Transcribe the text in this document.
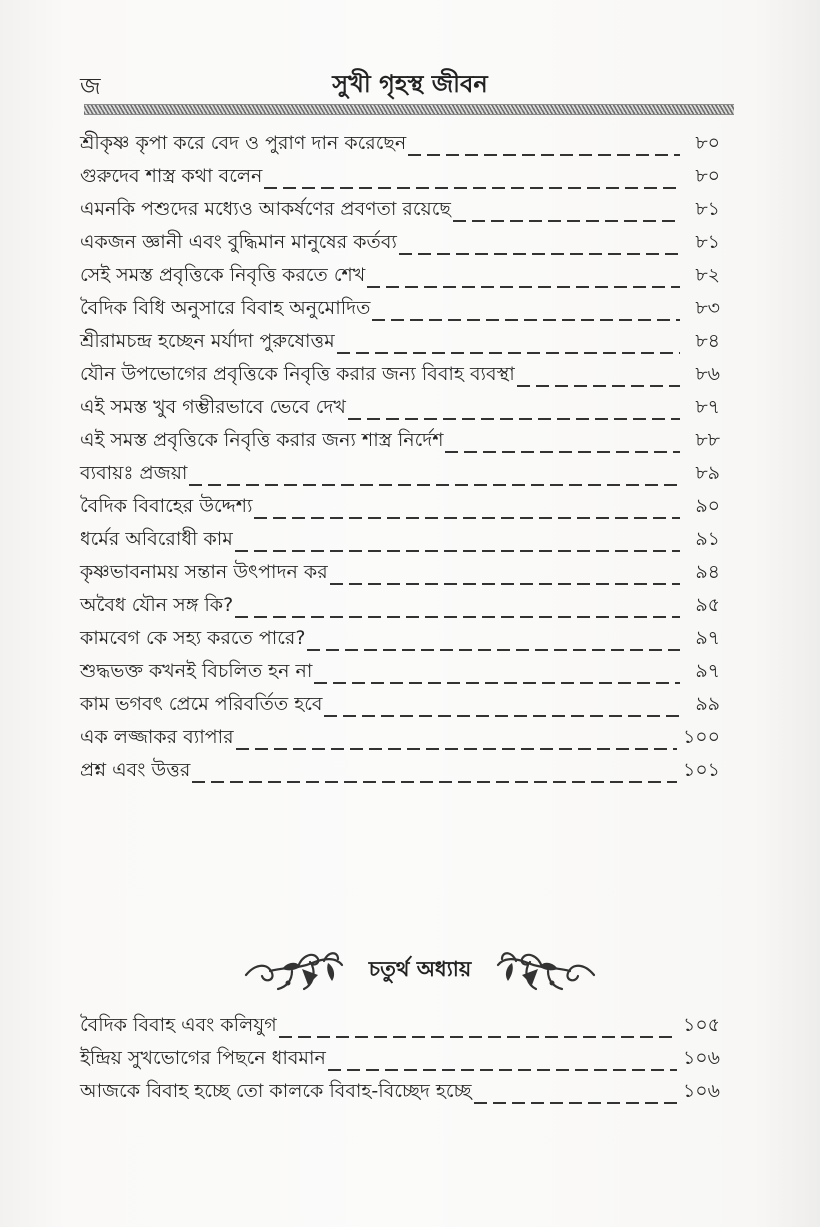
জ	সুখী গৃহস্থ জীবন
শ্রীকৃষ্ণ কৃপা করে বেদ ও পুরাণ দান করেছেন	৮০
গুরুদেব শাস্ত্র কথা বলেন	৮০
এমনকি পশুদের মধ্যেও আকর্ষণের প্রবণতা রয়েছে	৮১
একজন জ্ঞানী এবং বুদ্ধিমান মানুষের কর্তব্য	৮১
সেই সমস্ত প্রবৃত্তিকে নিবৃত্তি করতে শেখ	৮২
বৈদিক বিধি অনুসারে বিবাহ অনুমোদিত	৮৩
শ্রীরামচন্দ্র হচ্ছেন মর্যাদা পুরুষোত্তম	৮৪
যৌন উপভোগের প্রবৃত্তিকে নিবৃত্তি করার জন্য বিবাহ ব্যবস্থা	৮৬
এই সমস্ত খুব গম্ভীরভাবে ভেবে দেখ	৮৭
এই সমস্ত প্রবৃত্তিকে নিবৃত্তি করার জন্য শাস্ত্র নির্দেশ	৮৮
ব্যবায়ঃ প্রজয়া	৮৯
বৈদিক বিবাহের উদ্দেশ্য	৯০
ধর্মের অবিরোধী কাম	৯১
কৃষ্ণভাবনাময় সন্তান উৎপাদন কর	৯৪
অবৈধ যৌন সঙ্গ কি?	৯৫
কামবেগ কে সহ্য করতে পারে?	৯৭
শুদ্ধভক্ত কখনই বিচলিত হন না	৯৭
কাম ভগবৎ প্রেমে পরিবর্তিত হবে	৯৯
এক লজ্জাকর ব্যাপার	১০০
প্রশ্ন এবং উত্তর	১০১
চতুর্থ অধ্যায়
বৈদিক বিবাহ এবং কলিযুগ	১০৫
ইন্দ্রিয় সুখভোগের পিছনে ধাবমান	১০৬
আজকে বিবাহ হচ্ছে তো কালকে বিবাহ-বিচ্ছেদ হচ্ছে	১০৬
